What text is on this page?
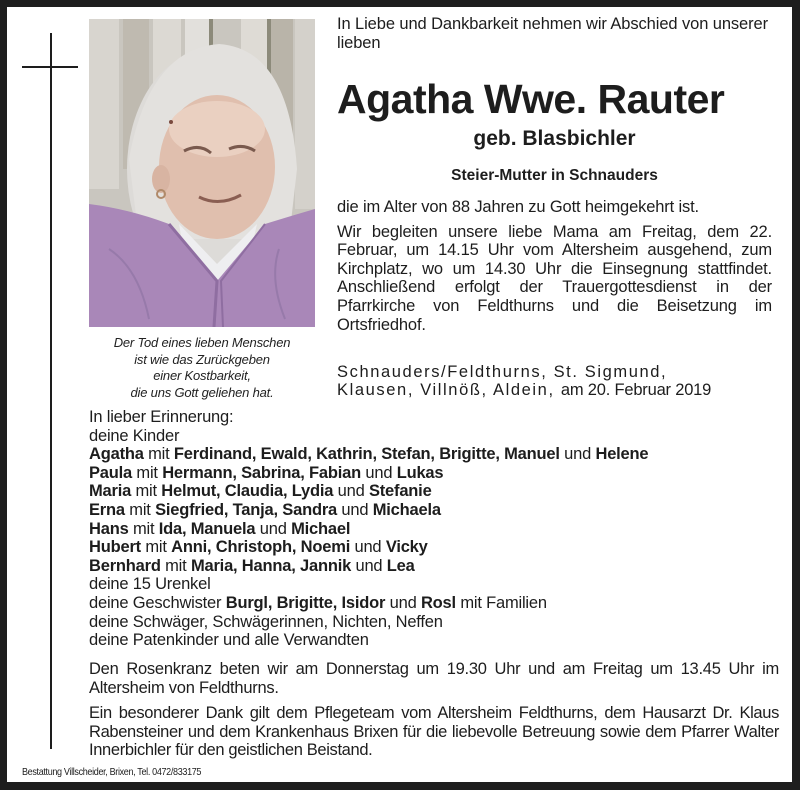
Der Tod eines lieben Menschen
ist wie das Zurückgeben
einer Kostbarkeit,
die uns Gott geliehen hat.

In Liebe und Dankbarkeit nehmen wir Abschied von unserer lieben

Agatha Wwe. Rauter
geb. Blasbichler
Steier-Mutter in Schnauders

die im Alter von 88 Jahren zu Gott heimgekehrt ist.

Wir begleiten unsere liebe Mama am Freitag, dem 22. Februar, um 14.15 Uhr vom Altersheim ausgehend, zum Kirchplatz, wo um 14.30 Uhr die Einsegnung stattfindet. Anschließend erfolgt der Trauergottesdienst in der Pfarrkirche von Feldthurns und die Beisetzung im Ortsfriedhof.

Schnauders/Feldthurns, St. Sigmund,
Klausen, Villnöß, Aldein, am 20. Februar 2019
In lieber Erinnerung:
deine Kinder
Agatha mit Ferdinand, Ewald, Kathrin, Stefan, Brigitte, Manuel und Helene
Paula mit Hermann, Sabrina, Fabian und Lukas
Maria mit Helmut, Claudia, Lydia und Stefanie
Erna mit Siegfried, Tanja, Sandra und Michaela
Hans mit Ida, Manuela und Michael
Hubert mit Anni, Christoph, Noemi und Vicky
Bernhard mit Maria, Hanna, Jannik und Lea
deine 15 Urenkel
deine Geschwister Burgl, Brigitte, Isidor und Rosl mit Familien
deine Schwäger, Schwägerinnen, Nichten, Neffen
deine Patenkinder und alle Verwandten
Den Rosenkranz beten wir am Donnerstag um 19.30 Uhr und am Freitag um 13.45 Uhr im Altersheim von Feldthurns.
Ein besonderer Dank gilt dem Pflegeteam vom Altersheim Feldthurns, dem Hausarzt Dr. Klaus Rabensteiner und dem Krankenhaus Brixen für die liebevolle Betreuung sowie dem Pfarrer Walter Innerbichler für den geistlichen Beistand.
Bestattung Villscheider, Brixen, Tel. 0472/833175
